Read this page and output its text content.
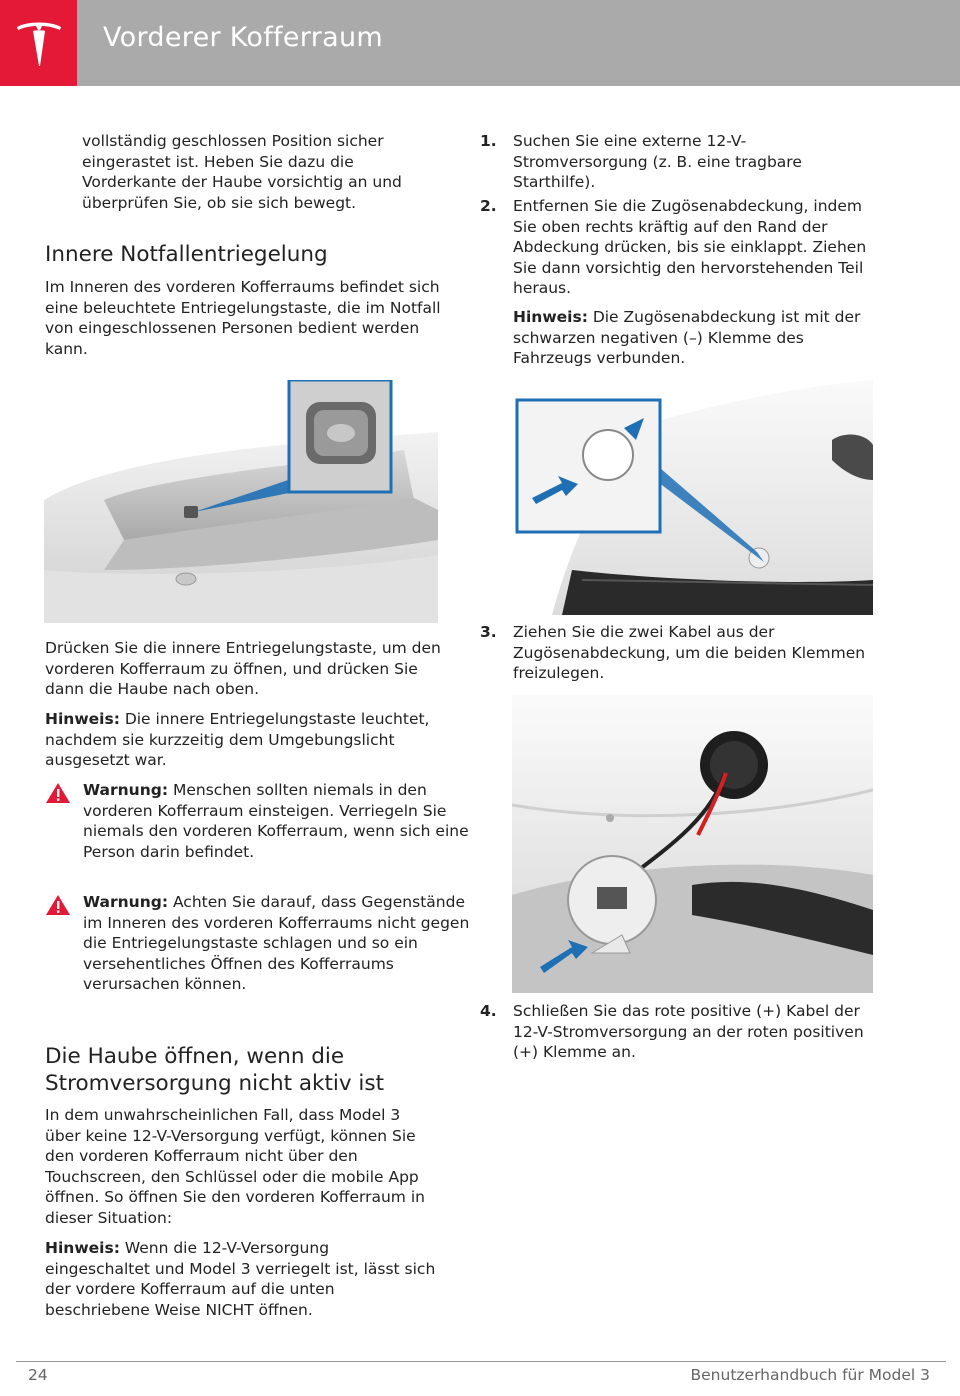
Vorderer Kofferraum

vollständig geschlossen Position sicher eingerastet ist. Heben Sie dazu die Vorderkante der Haube vorsichtig an und überprüfen Sie, ob sie sich bewegt.

Innere Notfallentriegelung

Im Inneren des vorderen Kofferraums befindet sich eine beleuchtete Entriegelungstaste, die im Notfall von eingeschlossenen Personen bedient werden kann.

Drücken Sie die innere Entriegelungstaste, um den vorderen Kofferraum zu öffnen, und drücken Sie dann die Haube nach oben.

Hinweis: Die innere Entriegelungstaste leuchtet, nachdem sie kurzzeitig dem Umgebungslicht ausgesetzt war.

Warnung: Menschen sollten niemals in den vorderen Kofferraum einsteigen. Verriegeln Sie niemals den vorderen Kofferraum, wenn sich eine Person darin befindet.

Warnung: Achten Sie darauf, dass Gegenstände im Inneren des vorderen Kofferraums nicht gegen die Entriegelungstaste schlagen und so ein versehentliches Öffnen des Kofferraums verursachen können.

Die Haube öffnen, wenn die
Stromversorgung nicht aktiv ist

In dem unwahrscheinlichen Fall, dass Model 3 über keine 12-V-Versorgung verfügt, können Sie den vorderen Kofferraum nicht über den Touchscreen, den Schlüssel oder die mobile App öffnen. So öffnen Sie den vorderen Kofferraum in dieser Situation:

Hinweis: Wenn die 12-V-Versorgung eingeschaltet und Model 3 verriegelt ist, lässt sich der vordere Kofferraum auf die unten beschriebene Weise NICHT öffnen.

1. Suchen Sie eine externe 12-V-Stromversorgung (z. B. eine tragbare Starthilfe).

2. Entfernen Sie die Zugösenabdeckung, indem Sie oben rechts kräftig auf den Rand der Abdeckung drücken, bis sie einklappt. Ziehen Sie dann vorsichtig den hervorstehenden Teil heraus.

Hinweis: Die Zugösenabdeckung ist mit der schwarzen negativen (–) Klemme des Fahrzeugs verbunden.

3. Ziehen Sie die zwei Kabel aus der Zugösenabdeckung, um die beiden Klemmen freizulegen.

4. Schließen Sie das rote positive (+) Kabel der 12-V-Stromversorgung an der roten positiven (+) Klemme an.

24	Benutzerhandbuch für Model 3
